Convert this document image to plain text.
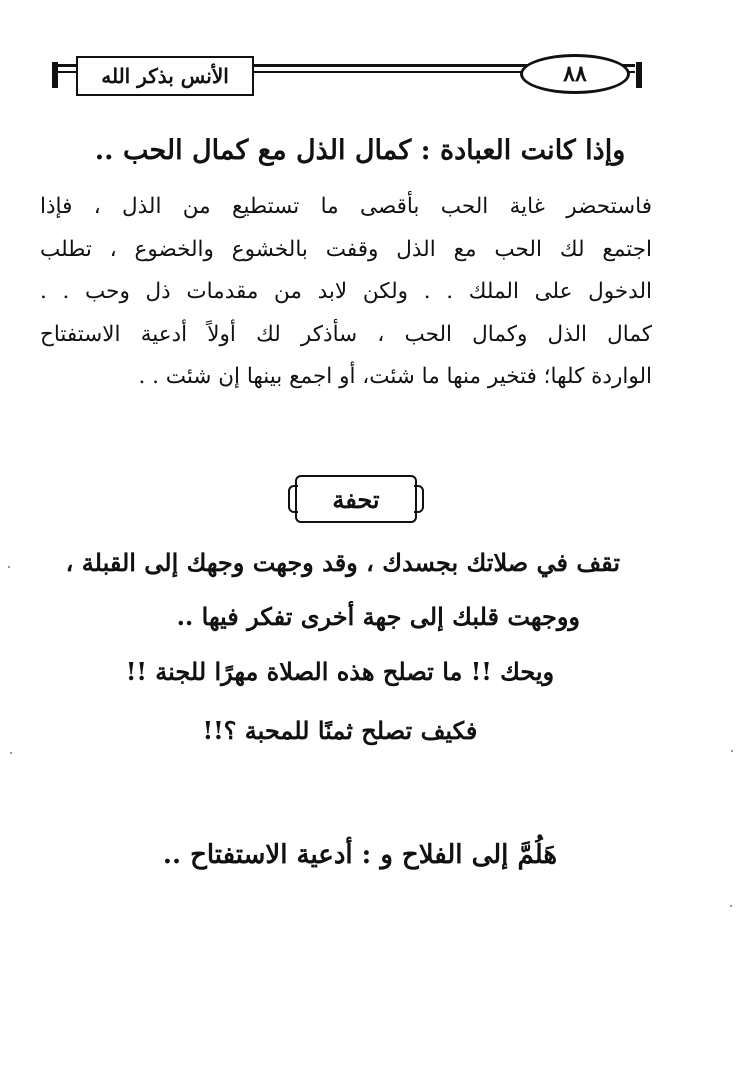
الأنس بذكر الله	٨٨
وإذا كانت العبادة : كمال الذل مع كمال الحب ..

فاستحضر غاية الحب بأقصى ما تستطيع من الذل ، فإذا

اجتمع لك الحب مع الذل وقفت بالخشوع والخضوع ، تطلب

الدخول على الملك . . ولكن لابد من مقدمات ذل وحب . .

كمال الذل وكمال الحب ، سأذكر لك أولاً أدعية الاستفتاح

الواردة كلها؛ فتخير منها ما شئت، أو اجمع بينها إن شئت . .

تحفة
تقف في صلاتك بجسدك ، وقد وجهت وجهك إلى القبلة ،
ووجهت قلبك إلى جهة أخرى تفكر فيها ..
ويحك !! ما تصلح هذه الصلاة مهرًا للجنة !!
فكيف تصلح ثمنًا للمحبة ؟!!
هَلُمَّ إلى الفلاح و : أدعية الاستفتاح ..
